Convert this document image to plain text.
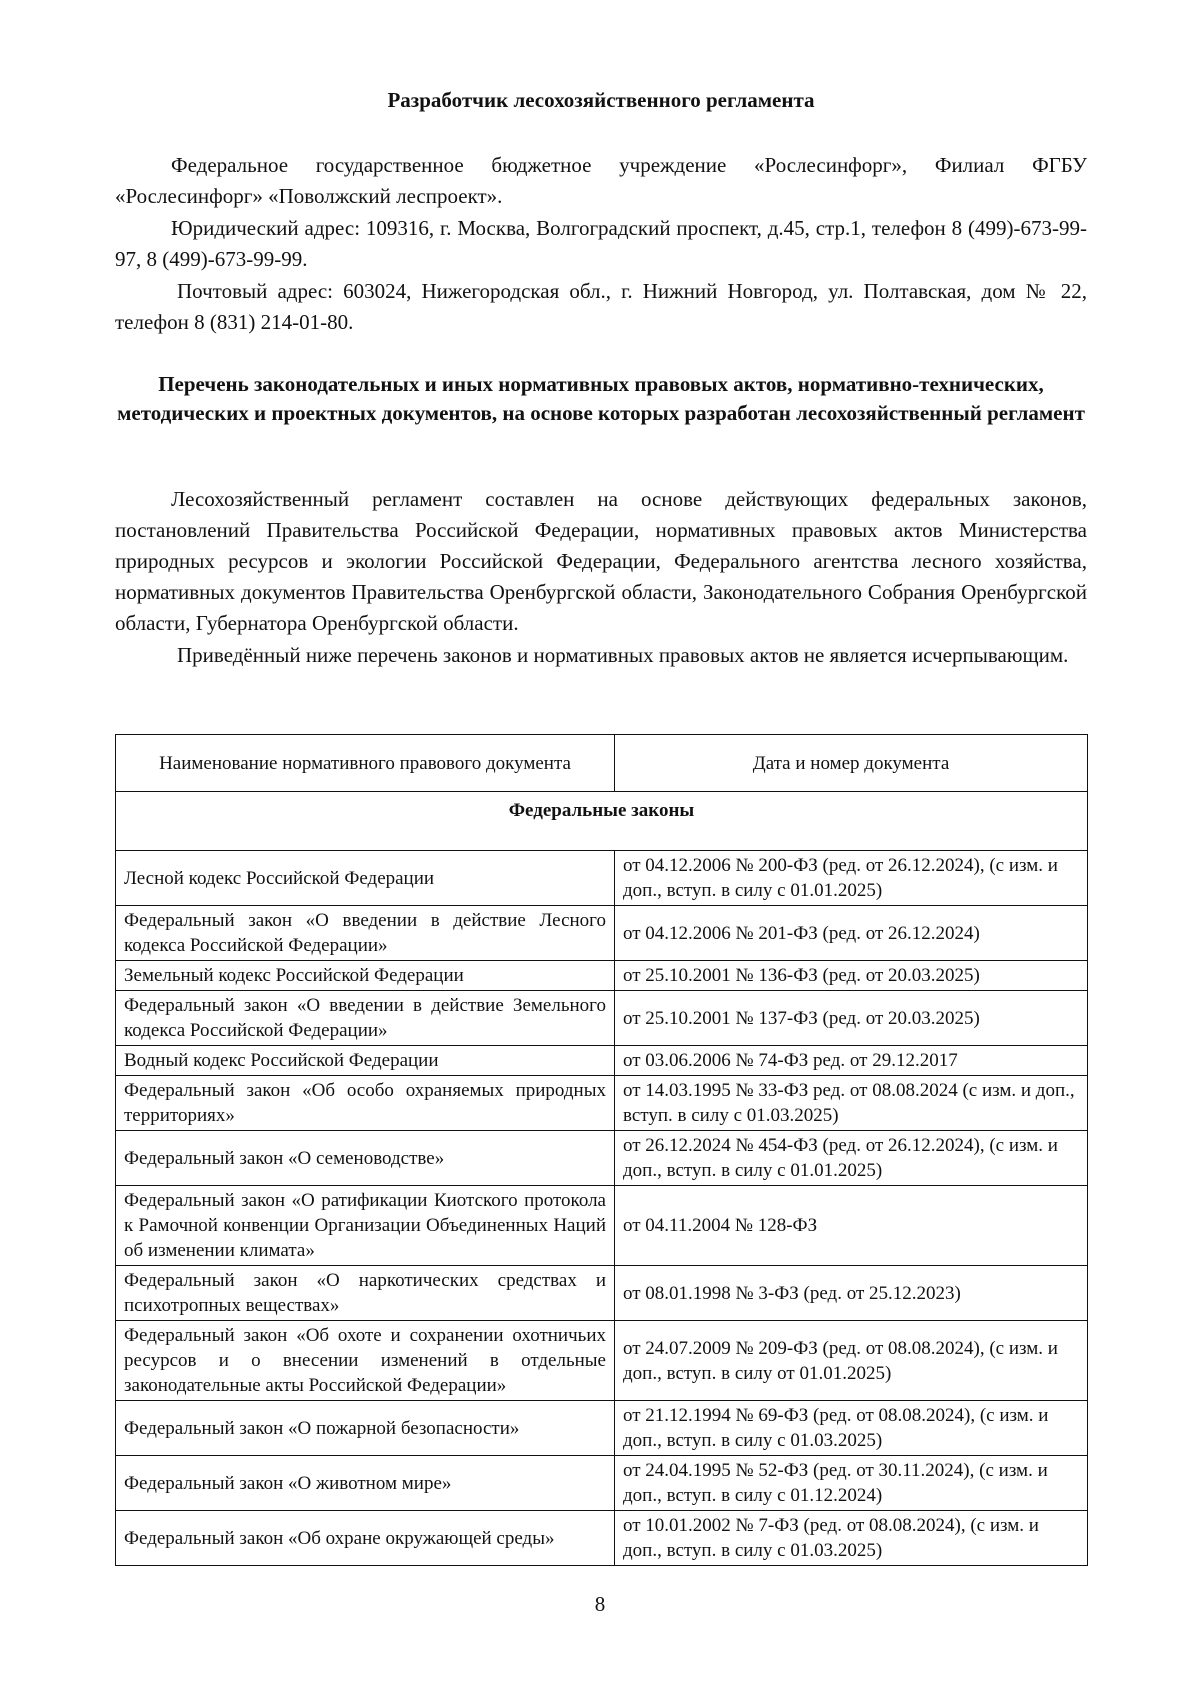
Разработчик лесохозяйственного регламента
Федеральное государственное бюджетное учреждение «Рослесинфорг», Филиал ФГБУ «Рослесинфорг» «Поволжский леспроект».
Юридический адрес: 109316, г. Москва, Волгоградский проспект, д.45, стр.1, телефон 8 (499)-673-99-97, 8 (499)-673-99-99.
Почтовый адрес: 603024, Нижегородская обл., г. Нижний Новгород, ул. Полтавская, дом № 22, телефон 8 (831) 214-01-80.
Перечень законодательных и иных нормативных правовых актов, нормативно-технических, методических и проектных документов, на основе которых разработан лесохозяйственный регламент
Лесохозяйственный регламент составлен на основе действующих федеральных законов, постановлений Правительства Российской Федерации, нормативных правовых актов Министерства природных ресурсов и экологии Российской Федерации, Федерального агентства лесного хозяйства, нормативных документов Правительства Оренбургской области, Законодательного Собрания Оренбургской области, Губернатора Оренбургской области.
Приведённый ниже перечень законов и нормативных правовых актов не является исчерпывающим.
Наименование нормативного правового документа	Дата и номер документа
Федеральные законы	
Лесной кодекс Российской Федерации	от 04.12.2006 № 200-ФЗ (ред. от 26.12.2024), (с изм. и доп., вступ. в силу с 01.01.2025)
Федеральный закон «О введении в действие Лесного кодекса Российской Федерации»	от 04.12.2006 № 201-ФЗ (ред. от 26.12.2024)
Земельный кодекс Российской Федерации	от 25.10.2001 № 136-ФЗ (ред. от 20.03.2025)
Федеральный закон «О введении в действие Земельного кодекса Российской Федерации»	от 25.10.2001 № 137-ФЗ (ред. от 20.03.2025)
Водный кодекс Российской Федерации	от 03.06.2006 № 74-ФЗ ред. от 29.12.2017
Федеральный закон «Об особо охраняемых природных территориях»	от 14.03.1995 № 33-ФЗ ред. от 08.08.2024 (с изм. и доп., вступ. в силу с 01.03.2025)
Федеральный закон «О семеноводстве»	от 26.12.2024 № 454-ФЗ (ред. от 26.12.2024), (с изм. и доп., вступ. в силу с 01.01.2025)
Федеральный закон «О ратификации Киотского протокола к Рамочной конвенции Организации Объединенных Наций об изменении климата»	от 04.11.2004 № 128-ФЗ
Федеральный закон «О наркотических средствах и психотропных веществах»	от 08.01.1998 № 3-ФЗ (ред. от 25.12.2023)
Федеральный закон «Об охоте и сохранении охотничьих ресурсов и о внесении изменений в отдельные законодательные акты Российской Федерации»	от 24.07.2009 № 209-ФЗ (ред. от 08.08.2024), (с изм. и доп., вступ. в силу от 01.01.2025)
Федеральный закон «О пожарной безопасности»	от 21.12.1994 № 69-ФЗ (ред. от 08.08.2024), (с изм. и доп., вступ. в силу с 01.03.2025)
Федеральный закон «О животном мире»	от 24.04.1995 № 52-ФЗ (ред. от 30.11.2024), (с изм. и доп., вступ. в силу с 01.12.2024)
Федеральный закон «Об охране окружающей среды»	от 10.01.2002 № 7-ФЗ (ред. от 08.08.2024), (с изм. и доп., вступ. в силу с 01.03.2025)
8
